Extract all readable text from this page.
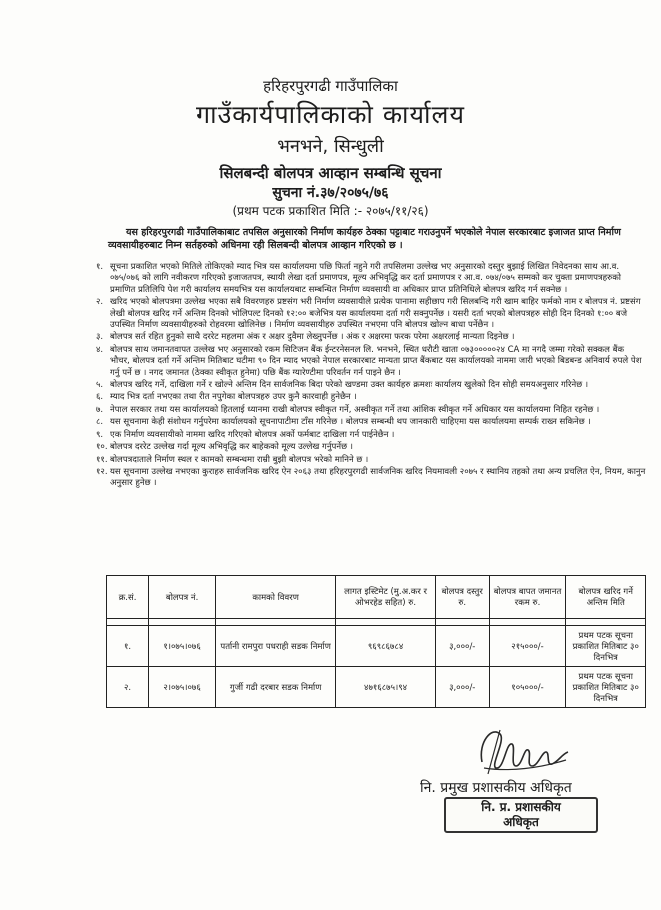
हरिहरपुरगढी गाउँपालिका
गाउँकार्यपालिकाको कार्यालय
भनभने, सिन्धुली
सिलबन्दी बोलपत्र आव्हान सम्बन्धि सूचना
सुचना नं.३७/२०७५/७६
(प्रथम पटक प्रकाशित मिति :- २०७५/११/२६)
यस हरिहरपुरगढी गाउँपालिकाबाट तपसिल अनुसारको निर्माण कार्यहरु ठेक्का पट्टाबाट गराउनुपर्ने भएकोले नेपाल सरकारबाट इजाजत प्राप्त निर्माण व्यवसायीहरुबाट निम्न सर्तहरुको अधिनमा रही सिलबन्दी बोलपत्र आव्हान गरिएको छ ।
१. सूचना प्रकाशित भएको मितिले तोकिएको म्याद भित्र यस कार्यालयमा पछि फिर्ता नहुने गरी तपसिलमा उल्लेख भए अनुसारको दस्तुर बुझाई लिखित निवेदनका साथ आ.व. ०७५/०७६ को लागि नवीकरण गरिएको इजाजतपत्र, स्थायी लेखा दर्ता प्रमाणपत्र, मूल्य अभिवृद्धि कर दर्ता प्रमाणपत्र र आ.व. ०७४/०७५ सम्मको कर चुक्ता प्रमाणपत्रहरुको प्रमाणित प्रतिलिपि पेश गरी कार्यालय समयभित्र यस कार्यालयबाट सम्बन्धित निर्माण व्यवसायी वा अधिकार प्राप्त प्रतिनिधिले बोलपत्र खरिद गर्न सक्नेछ ।
२. खरिद भएको बोलपत्रमा उल्लेख भएका सबै विवरणहरु प्रष्टसंग भरी निर्माण व्यवसायीले प्रत्येक पानामा सहीछाप गरी सिलबन्दि गरी खाम बाहिर फर्मको नाम र बोलपत्र नं. प्रष्टसंग लेखी बोलपत्र खरिद गर्ने अन्तिम दिनको भोलिपल्ट दिनको १२:०० बजेभित्र यस कार्यालयमा दर्ता गरी सक्नुपर्नेछ । यसरी दर्ता भएको बोलपत्रहरु सोही दिन दिनको १:०० बजे उपस्थित निर्माण व्यवसायीहरुको रोहवरमा खोलिनेछ । निर्माण व्यवसायीहरु उपस्थित नभएमा पनि बोलपत्र खोल्न बाधा पर्नेछैन ।
३. बोलपत्र सर्त रहित हुनुको साथै दररेट महलमा अंक र अक्षर दुवैमा लेख्नुपर्नेछ । अंक र अक्षरमा फरक परेमा अक्षरलाई मान्यता दिइनेछ ।
४. बोलपत्र साथ जमानतवापत उल्लेख भए अनुसारको रकम सिटिजन बैंक ईन्टरनेसनल लि. भनभने, स्थित धरौटी खाता ०७३०००००२४ CA मा नगदै जम्मा गरेको सक्कल बैंक भौचर, बोलपत्र दर्ता गर्ने अन्तिम मितिबाट घटीमा ९० दिन म्याद भएको नेपाल सरकारबाट मान्यता प्राप्त बैंकबाट यस कार्यालयको नाममा जारी भएको बिडबन्ड अनिवार्य रुपले पेश गर्नु पर्ने छ । नगद जमानत (ठेक्का स्वीकृत हुनेमा) पछि बैंक ग्यारेण्टीमा परिवर्तन गर्न पाइने छैन ।
५. बोलपत्र खरिद गर्ने, दाखिला गर्ने र खोल्ने अन्तिम दिन सार्वजनिक बिदा परेको खण्डमा उक्त कार्यहरु क्रमशः कार्यालय खुलेको दिन सोही समयअनुसार गरिनेछ ।
६. म्याद भित्र दर्ता नभएका तथा रीत नपुगेका बोलपत्रहरु उपर कुनै कारवाही हुनेछैन ।
७. नेपाल सरकार तथा यस कार्यालयको हितलाई ध्यानमा राखी बोलपत्र स्वीकृत गर्ने, अस्वीकृत गर्ने तथा आंशिक स्वीकृत गर्ने अधिकार यस कार्यालयमा निहित रहनेछ ।
८. यस सूचनामा केही संशोधन गर्नुपरेमा कार्यालयको सूचनापाटीमा टाँस गरिनेछ । बोलपत्र सम्बन्धी थप जानकारी चाहिएमा यस कार्यालयमा सम्पर्क राख्न सकिनेछ ।
९. एक निर्माण व्यवसायीको नाममा खरिद गरिएको बोलपत्र अर्को फर्मबाट दाखिला गर्न पाईनेछैन ।
१०. बोलपत्र दररेट उल्लेख गर्दा मूल्य अभिवृद्धि कर बाहेकको मूल्य उल्लेख गर्नुपर्नेछ ।
११. बोलपत्रदाताले निर्माण स्थल र कामको सम्बन्धमा राम्री बुझी बोलपत्र भरेको मानिने छ ।
१२. यस सूचनामा उल्लेख नभएका कुराहरु सार्वजनिक खरिद ऐन २०६३ तथा हरिहरपुरगढी सार्वजनिक खरिद नियमावली २०७५ र स्थानिय तहको तथा अन्य प्रचलित ऐन, नियम, कानुन अनुसार हुनेछ ।
क्र.सं.	बोलपत्र नं.	कामको विवरण	लागत इस्टिमेट (मु.अ.कर र ओभरहेड सहित) रु.	बोलपत्र दस्तुर रु.	बोलपत्र बापत जमानत रकम रु.	बोलपत्र खरिद गर्ने अन्तिम मिति

१.	१।०७५।०७६	पर्तानी रामपुरा पधराही सडक निर्माण	९६९८६७८४	३,०००/-	२१५०००/-	प्रथम पटक सूचना प्रकाशित मितिबाट ३० दिनभित्र
२.	२।०७५।०७६	गुर्जी गढी दरबार सडक निर्माण	४७१६८७५।९४	३,०००/-	१०५०००/-	प्रथम पटक सूचना प्रकाशित मितिबाट ३० दिनभित्र
नि. प्रमुख प्रशासकीय अधिकृत
नि. प्र. प्रशासकीय
अधिकृत
